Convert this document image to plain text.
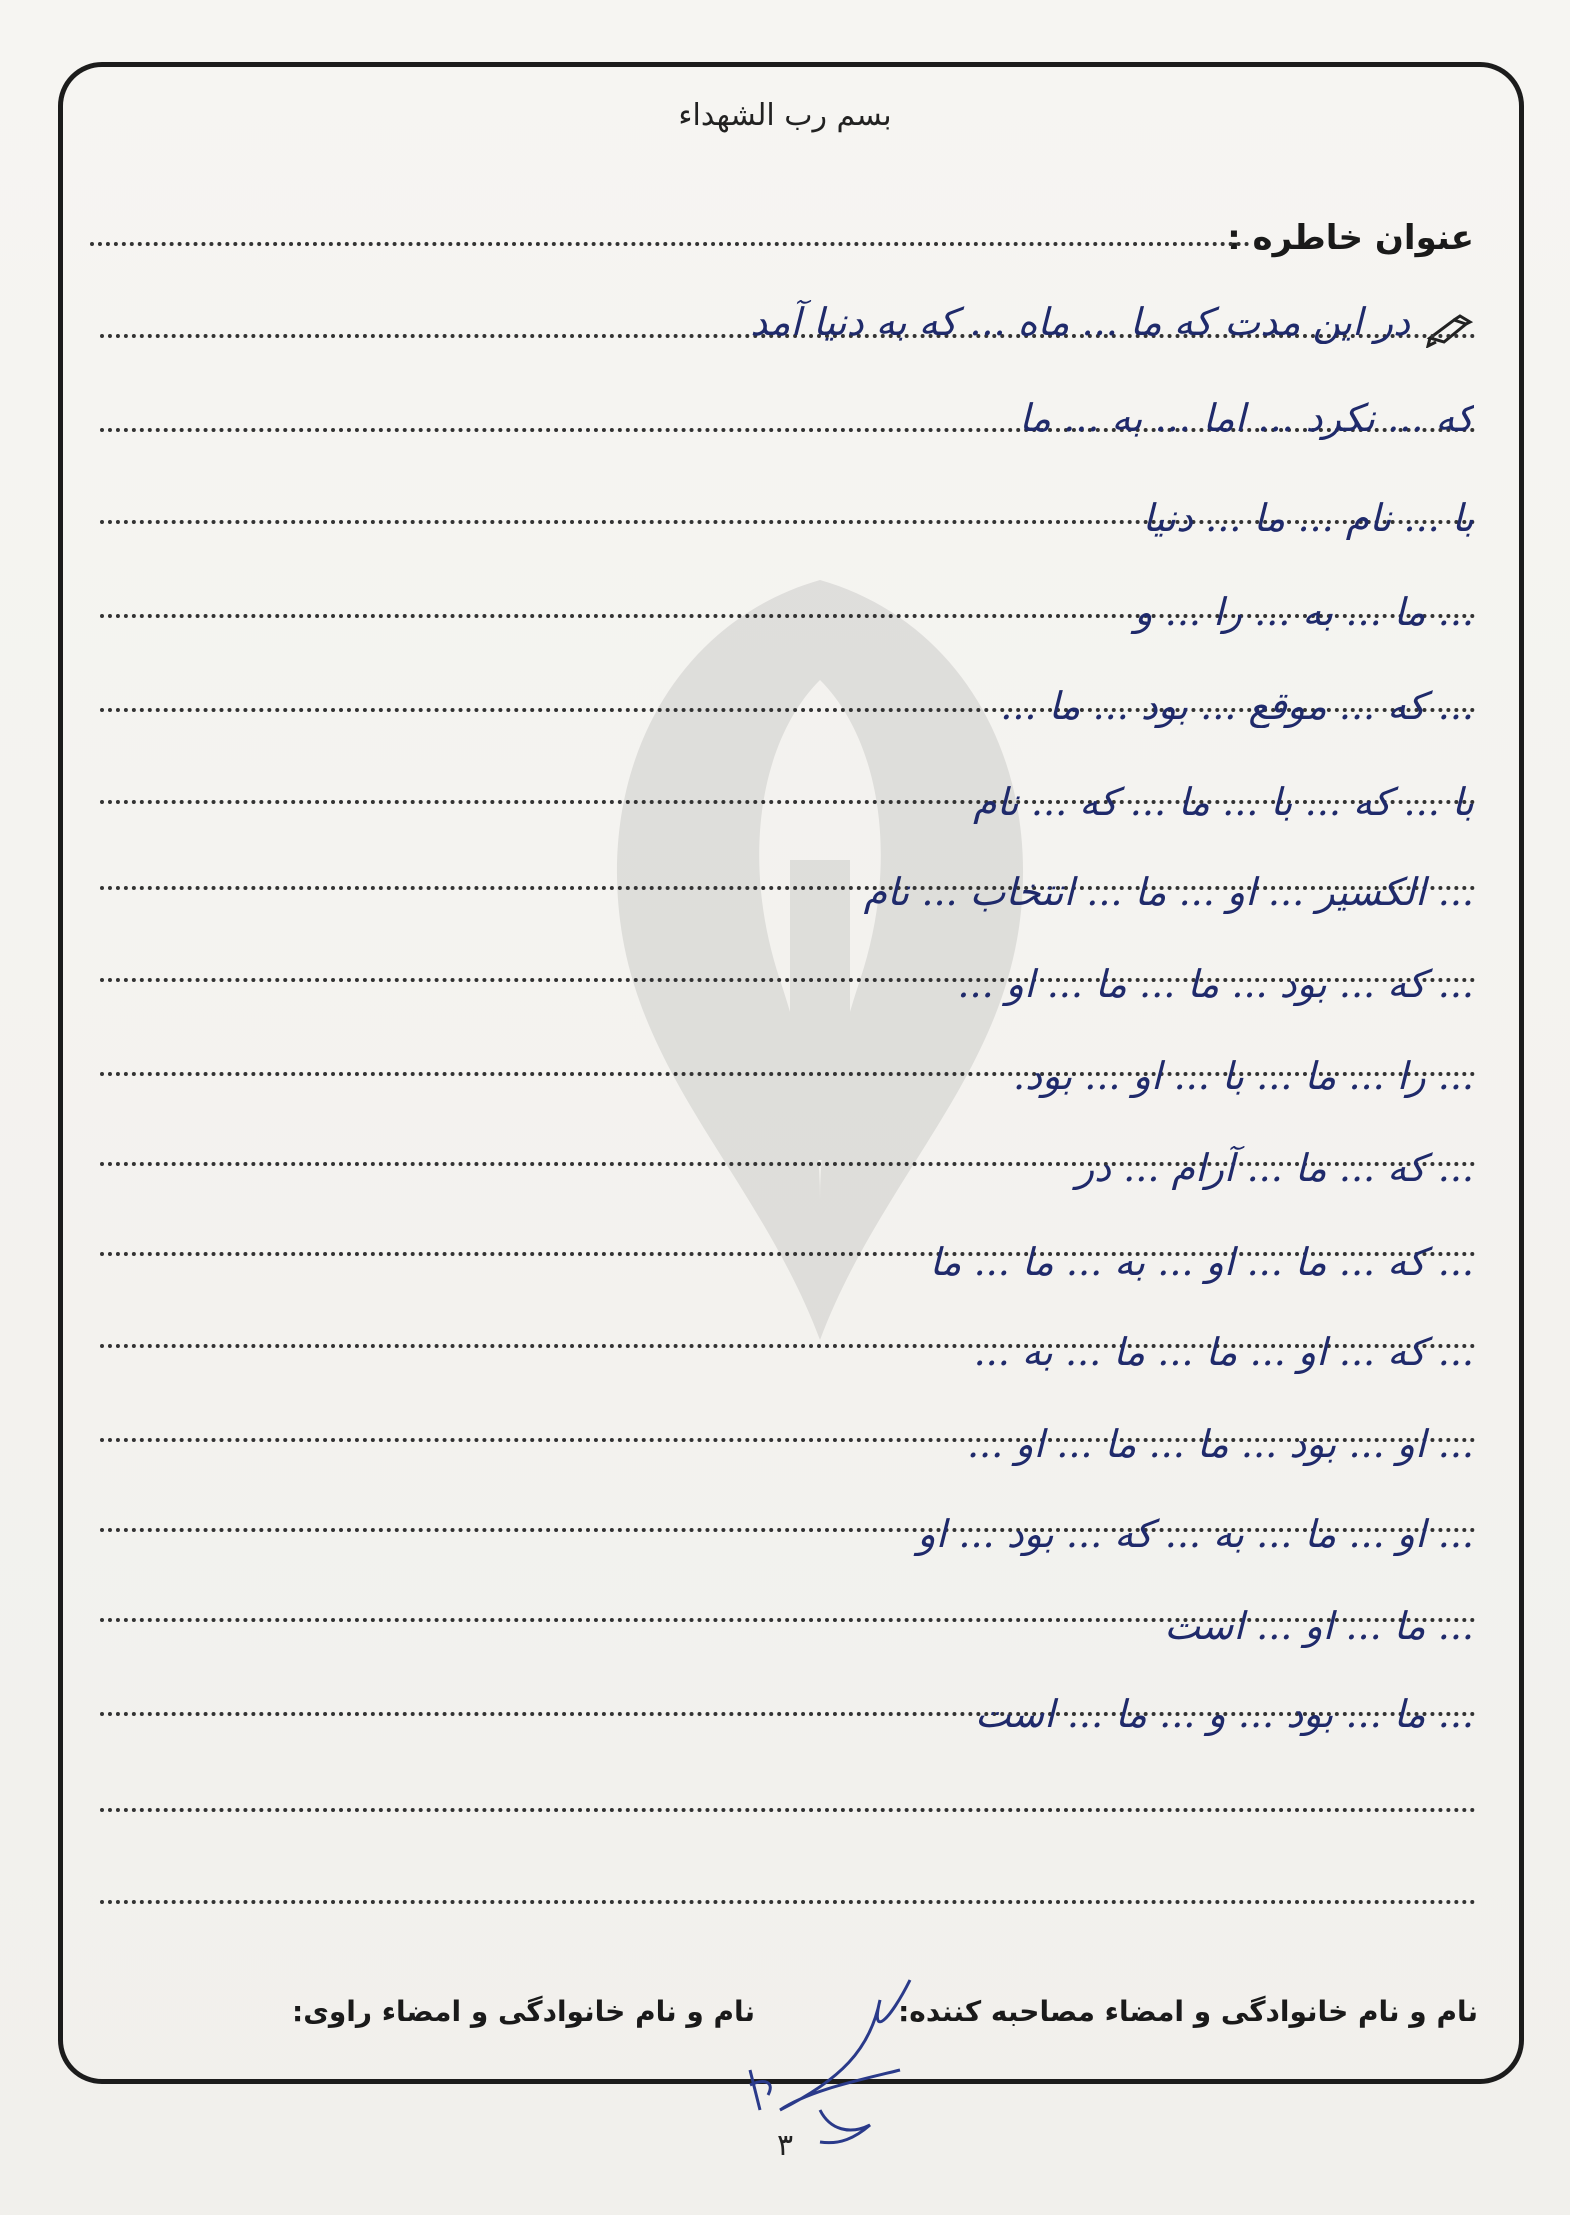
بسم رب الشهداء
عنوان خاطره :
در این مدت که ما ... ماه ... که به دنیا آمد
که ... نکرد ... اما ... به ... ما
با ... نام ... ما ... دنیا
... ما ... به ... را ... و
... که ... موقع ... بود ... ما ...
با ... که ... با ... ما ... که ... نام
... الکسیر ... او ... ما ... انتخاب ... نام
... که ... بود ... ما ... ما ... او ...
... را ... ما ... با ... او ... بود.
... که ... ما ... آرام ... در
... که ... ما ... او ... به ... ما ... ما
... که ... او ... ما ... ما ... به ...
... او ... بود ... ما ... ما ... او ...
... او ... ما ... به ... که ... بود ... او
... ما ... او ... است
... ما ... بود ... و ... ما ... است
نام و نام خانوادگی و امضاء مصاحبه کننده:
نام و نام خانوادگی و امضاء راوی:
۳
